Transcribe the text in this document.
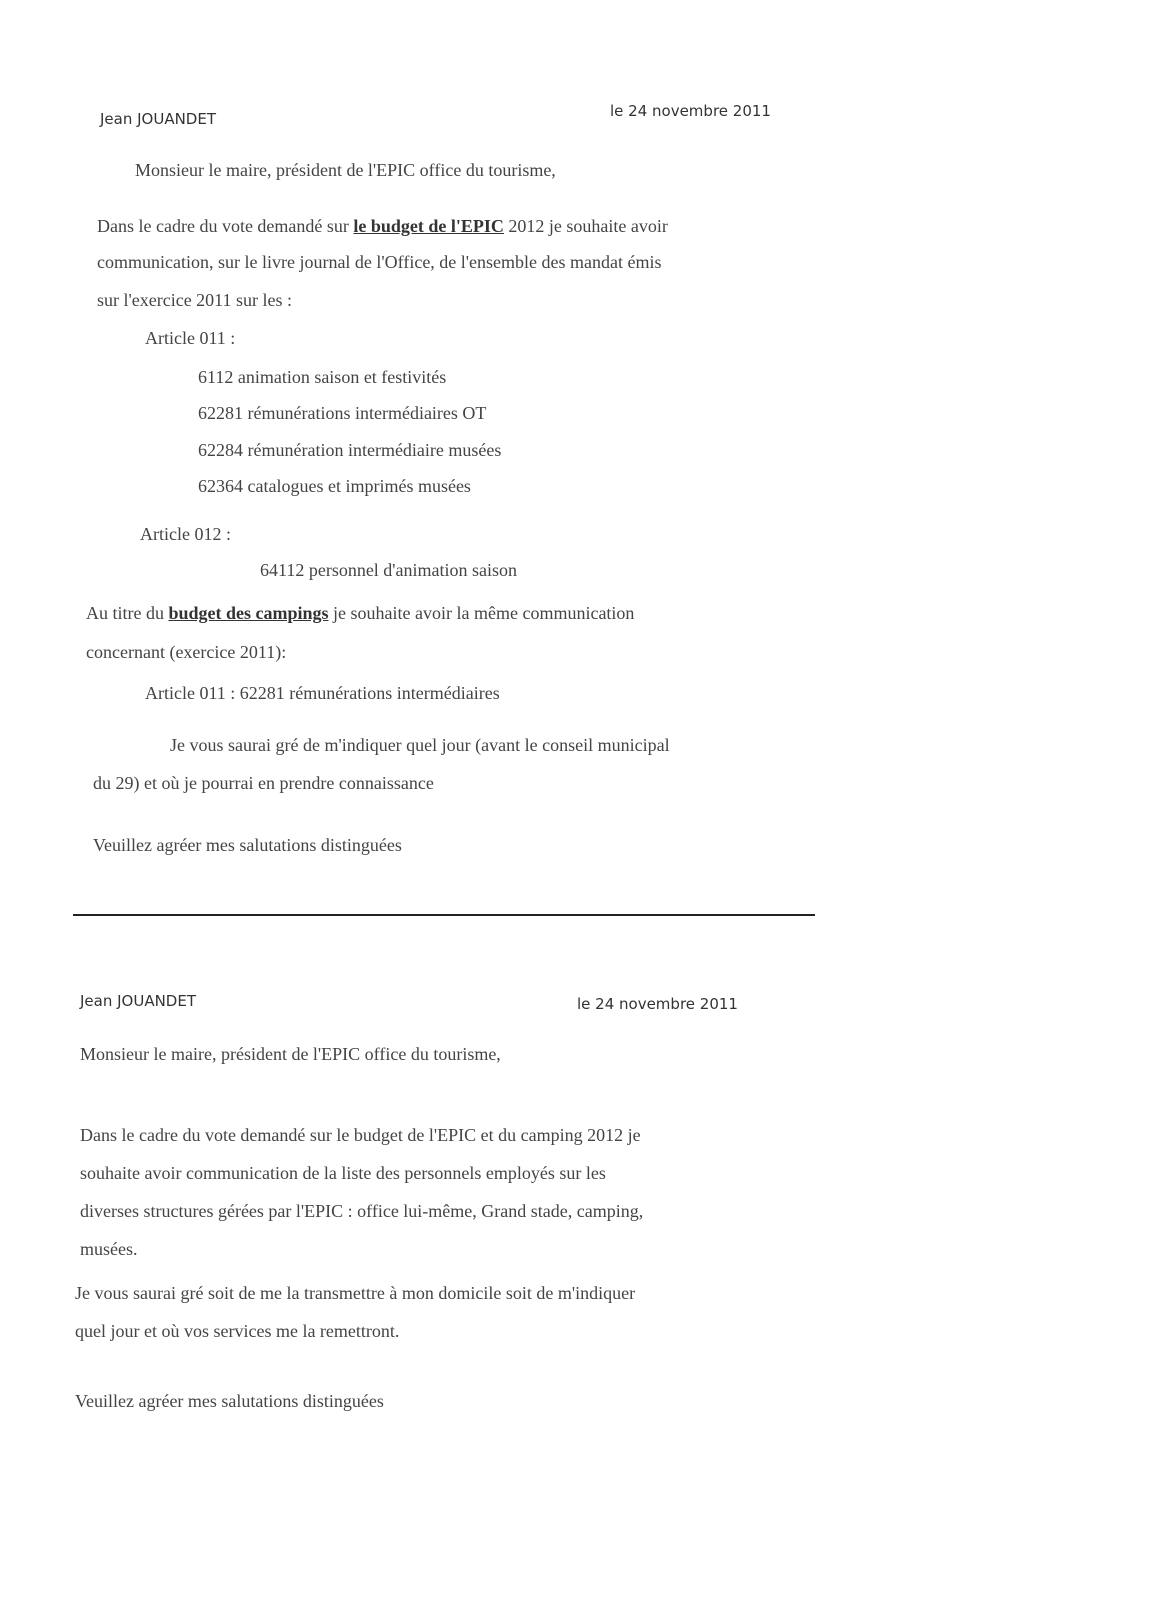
Jean JOUANDET	le 24 novembre 2011
Monsieur le maire, président de l'EPIC office du tourisme,
Dans le cadre du vote demandé sur le budget de l'EPIC 2012 je souhaite avoir
communication, sur le livre journal de l'Office, de l'ensemble des mandat émis
sur l'exercice 2011 sur les :
Article 011 :
6112 animation saison et festivités
62281 rémunérations intermédiaires OT
62284 rémunération intermédiaire musées
62364 catalogues et imprimés musées
Article 012 :
64112 personnel d'animation saison
Au titre du budget des campings je souhaite avoir la même communication
concernant (exercice 2011):
Article 011 : 62281 rémunérations intermédiaires
Je vous saurai gré de m'indiquer quel jour (avant le conseil municipal
du 29) et où je pourrai en prendre connaissance
Veuillez agréer mes salutations distinguées
Jean JOUANDET	le 24 novembre 2011
Monsieur le maire, président de l'EPIC office du tourisme,
Dans le cadre du vote demandé sur le budget de l'EPIC et du camping 2012 je
souhaite avoir communication de la liste des personnels employés sur les
diverses structures gérées par l'EPIC : office lui-même, Grand stade, camping,
musées.
Je vous saurai gré soit de me la transmettre à mon domicile soit de m'indiquer
quel jour et où vos services me la remettront.
Veuillez agréer mes salutations distinguées
